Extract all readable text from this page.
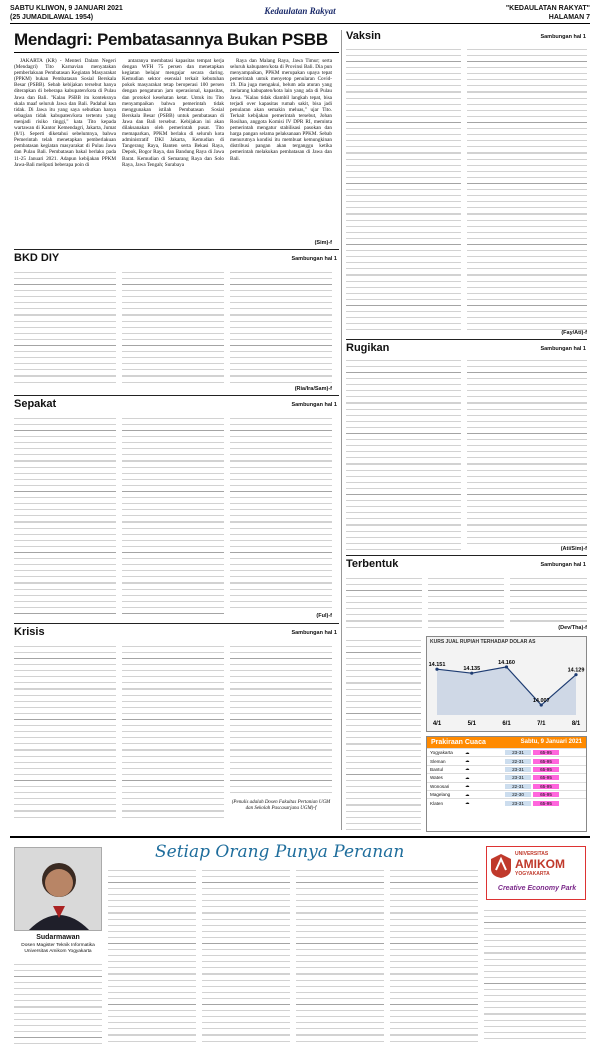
SABTU KLIWON, 9 JANUARI 2021
(25 JUMADILAWAL 1954)
Kedaulatan Rakyat	"KEDAULATAN RAKYAT"
HALAMAN 7
Mendagri: Pembatasannya Bukan PSBB

JAKARTA (KR) - Menteri Dalam Negeri (Mendagri) Tito Karnavian menyatakan pemberlakuan Pembatasan Kegiatan Masyarakat (PPKM) bukan Pembatasan Sosial Berskala Besar (PSBB). Sebab kebijakan tersebut hanya diterapkan di beberapa kabupaten/kota di Pulau Jawa dan Bali. "Kalau PSBB itu konteksnya skala maaf seluruh Jawa dan Bali. Padahal kan tidak. Di Jawa itu yang saya sebutkan hanya sebagian tidak kabupaten/kota tertentu yang menjadi risiko tinggi," kata Tito kepada wartawan di Kantor Kemendagri, Jakarta, Jumat (8/1). Seperti diketahui sebelumnya, bahwa Pemerintah telah menetapkan pemberlakuan pembatasan kegiatan masyarakat di Pulau Jawa dan Pulau Bali. Pembatasan bakal berlaku pada 11-25 Januari 2021. Adapun kebijakan PPKM Jawa-Bali meliputi beberapa poin di

antaranya membatasi kapasitas tempat kerja dengan WFH 75 persen dan menetapkan kegiatan belajar mengajar secara daring. Kemudian sektor esensial terkait kebutuhan pokok masyarakat tetap beroperasi 100 persen dengan pengaturan jam operasional, kapasitas, dan protokol kesehatan ketat. Untuk itu Tito menyampaikan bahwa pemerintah tidak menggunakan istilah Pembatasan Sosial Berskala Besar (PSBB) untuk pembatasan di Jawa dan Bali tersebut. Kebijakan ini akan dilaksanakan oleh pemerintah pusat. Tito memaparkan, PPKM berlaku di seluruh kota administratif DKI Jakarta, Kemudian di Tangerang Raya, Banten serta Bekasi Raya, Depok, Bogor Raya, dan Bandung Raya di Jawa Barat. Kemudian di Semarang Raya dan Solo Raya, Jawa Tengah; Surabaya

Raya dan Malang Raya, Jawa Timur; serta seluruh kabupaten/kota di Provinsi Bali. Dia pun menyampaikan, PPKM merupakan upaya tepat pemerintah untuk menyetop penularan Covid-19. Dia juga mengakui, belum ada aturan yang melarang kabupaten/kota lain yang ada di Pulau Jawa. "Kalau tidak diambil langkah tepat, bisa terjadi over kapasitas rumah sakit, bisa jadi penularan akan semakin meluas," ujar Tito. Terkait kebijakan pemerintah tersebut, Johan Rosihan, anggota Komisi IV DPR RI, meminta pemerintah mengatur stabilisasi pasokan dan harga pangan selama pelaksanaan PPKM. Sebab menurutnya kondisi itu membuat kemungkinan distribusi pangan akan terganggu ketika pemerintah melakukan pembatasan di Jawa dan Bali.

(Sim)-f
BKD DIY	Sambungan hal 1
(Ria/Ira/Sam)-f
Sepakat	Sambungan hal 1
(Ful)-f
Krisis	Sambungan hal 1
(Penulis adalah Dosen Fakultas Pertanian UGM dan Sekolah Pascasarjana UGM)-f
Vaksin	Sambungan hal 1
(Fay/Ati)-f
Rugikan	Sambungan hal 1
(Ati/Sim)-f
Terbentuk	Sambungan hal 1
(Dev/Tha)-f
KURS JUAL RUPIAH TERHADAP DOLAR AS
14.151
4/1
14.135
5/1
14.160
6/1
14.007
7/1
14.129
8/1
Prakiraan Cuaca	Sabtu, 9 Januari 2021
Yogyakarta	☁	23-31	65-95
Sleman	☁	22-31	65-95
Bantul	☁	23-31	65-95
Wates	☁	23-31	65-95
Wonosari	☁	22-31	65-95
Magelang	☁	22-30	65-95
Klaten	☁	23-31	65-95
Setiap Orang Punya Peranan
Sudarmawan
Dosen Magister Teknik Informatika Universitas Amikom Yogyakarta
UNIVERSITAS
AMIKOM
YOGYAKARTA
Creative Economy Park
